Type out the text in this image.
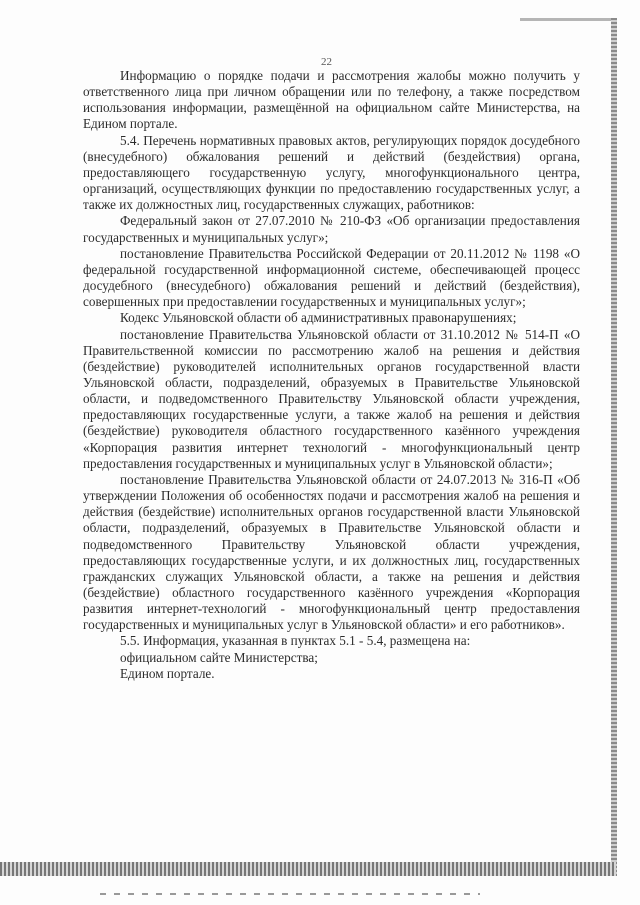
22

Информацию о порядке подачи и рассмотрения жалобы можно получить у ответственного лица при личном обращении или по телефону, а также посредством использования информации, размещённой на официальном сайте Министерства, на Едином портале.

5.4. Перечень нормативных правовых актов, регулирующих порядок досудебного (внесудебного) обжалования решений и действий (бездействия) органа, предоставляющего государственную услугу, многофункционального центра, организаций, осуществляющих функции по предоставлению государственных услуг, а также их должностных лиц, государственных служащих, работников:

Федеральный закон от 27.07.2010 № 210-ФЗ «Об организации предоставления государственных и муниципальных услуг»;

постановление Правительства Российской Федерации от 20.11.2012 № 1198 «О федеральной государственной информационной системе, обеспечивающей процесс досудебного (внесудебного) обжалования решений и действий (бездействия), совершенных при предоставлении государственных и муниципальных услуг»;

Кодекс Ульяновской области об административных правонарушениях;

постановление Правительства Ульяновской области от 31.10.2012 № 514-П «О Правительственной комиссии по рассмотрению жалоб на решения и действия (бездействие) руководителей исполнительных органов государственной власти Ульяновской области, подразделений, образуемых в Правительстве Ульяновской области, и подведомственного Правительству Ульяновской области учреждения, предоставляющих государственные услуги, а также жалоб на решения и действия (бездействие) руководителя областного государственного казённого учреждения «Корпорация развития интернет технологий - многофункциональный центр предоставления государственных и муниципальных услуг в Ульяновской области»;

постановление Правительства Ульяновской области от 24.07.2013 № 316-П «Об утверждении Положения об особенностях подачи и рассмотрения жалоб на решения и действия (бездействие) исполнительных органов государственной власти Ульяновской области, подразделений, образуемых в Правительстве Ульяновской области и подведомственного Правительству Ульяновской области учреждения, предоставляющих государственные услуги, и их должностных лиц, государственных гражданских служащих Ульяновской области, а также на решения и действия (бездействие) областного государственного казённого учреждения «Корпорация развития интернет-технологий - многофункциональный центр предоставления государственных и муниципальных услуг в Ульяновской области» и его работников».

5.5. Информация, указанная в пунктах 5.1 - 5.4, размещена на:

официальном сайте Министерства;

Едином портале.
